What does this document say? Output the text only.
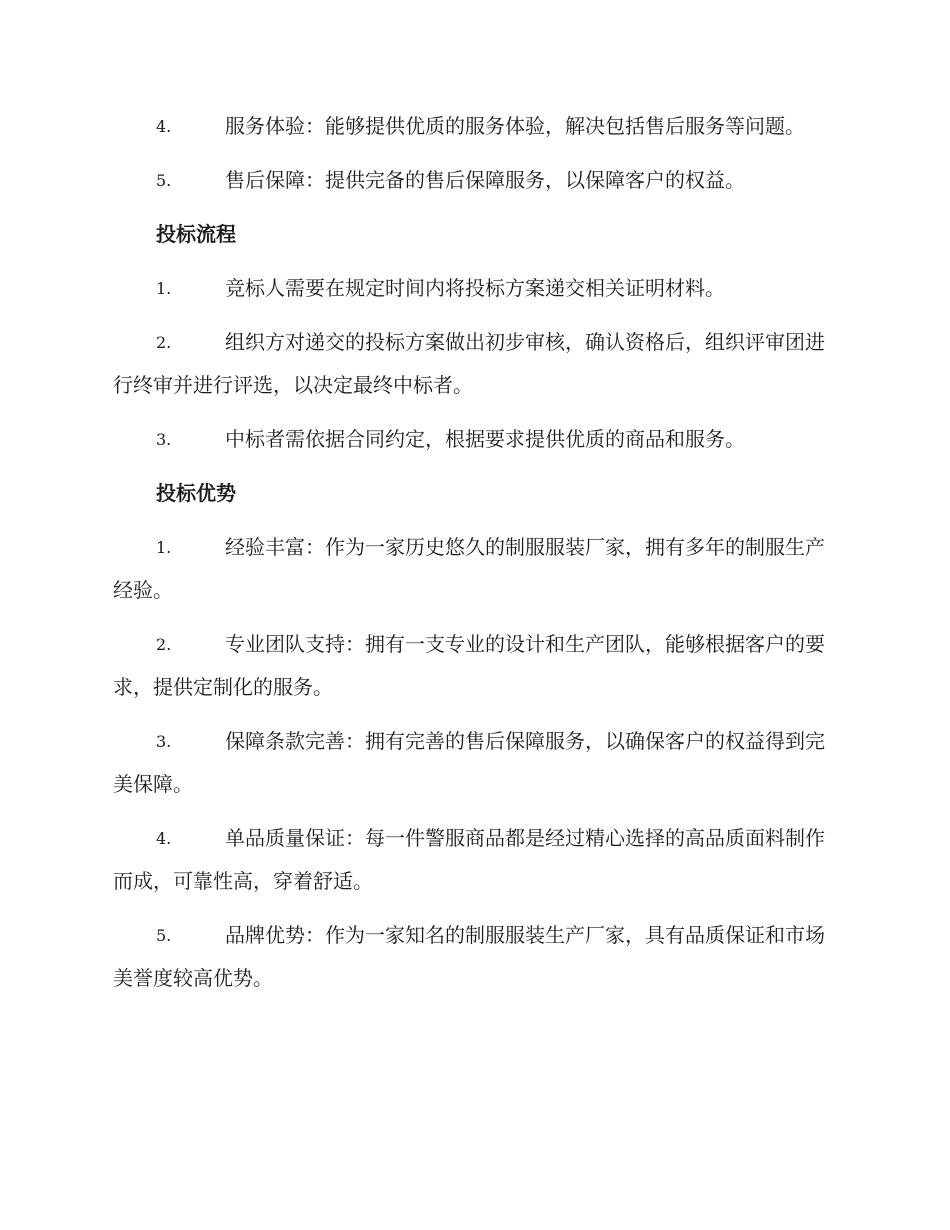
4.	服务体验：能够提供优质的服务体验，解决包括售后服务等问题。
5.	售后保障：提供完备的售后保障服务，以保障客户的权益。
投标流程
1.	竞标人需要在规定时间内将投标方案递交相关证明材料。
2.	组织方对递交的投标方案做出初步审核，确认资格后，组织评审团进行终审并进行评选，以决定最终中标者。
3.	中标者需依据合同约定，根据要求提供优质的商品和服务。
投标优势
1.	经验丰富：作为一家历史悠久的制服服装厂家，拥有多年的制服生产经验。
2.	专业团队支持：拥有一支专业的设计和生产团队，能够根据客户的要求，提供定制化的服务。
3.	保障条款完善：拥有完善的售后保障服务，以确保客户的权益得到完美保障。
4.	单品质量保证：每一件警服商品都是经过精心选择的高品质面料制作而成，可靠性高，穿着舒适。
5.	品牌优势：作为一家知名的制服服装生产厂家，具有品质保证和市场美誉度较高优势。
